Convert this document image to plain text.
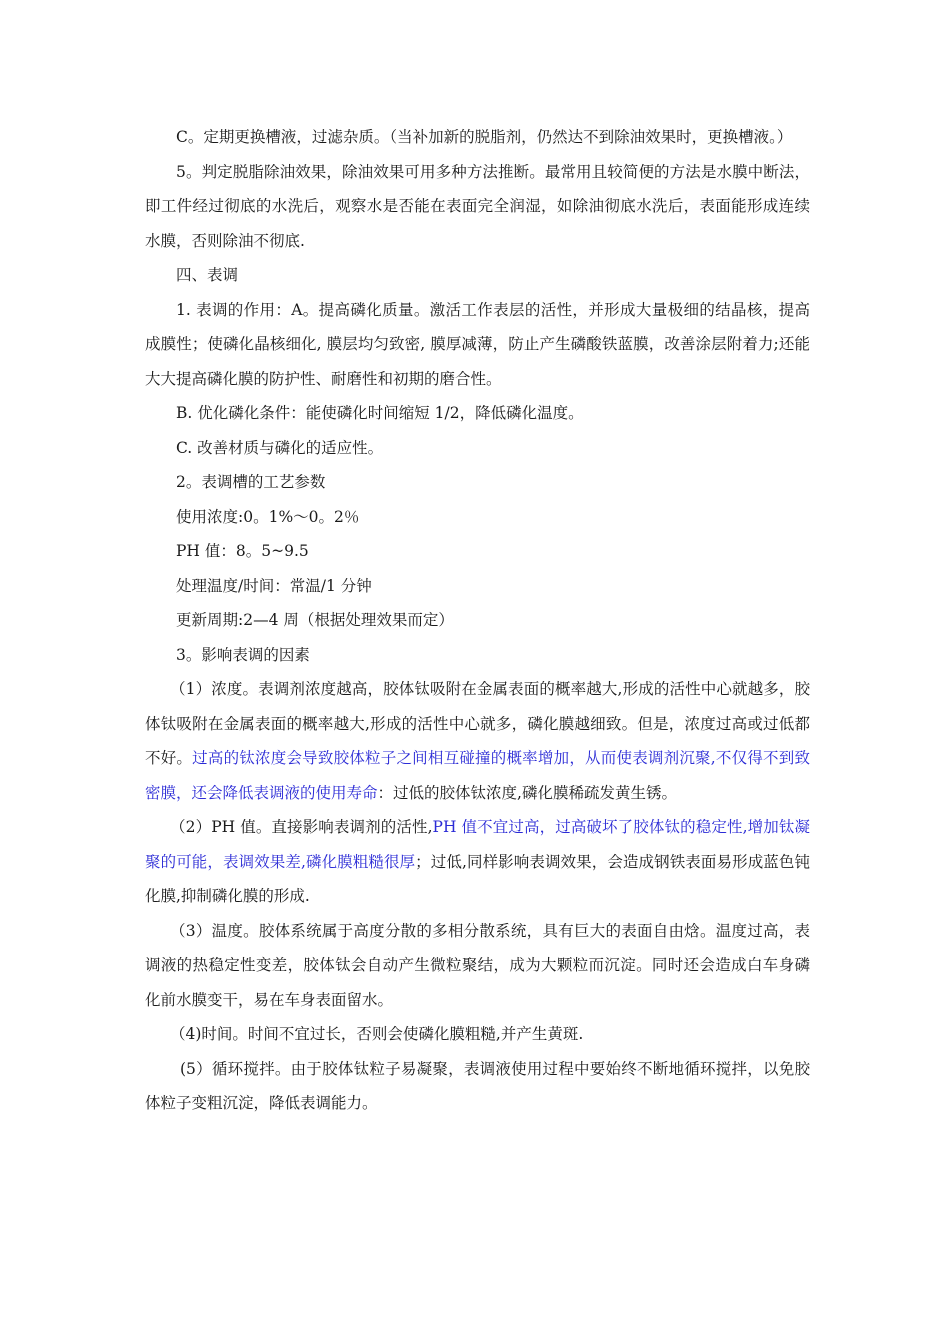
C。定期更换槽液，过滤杂质。（当补加新的脱脂剂，仍然达不到除油效果时，更换槽液。）

5。判定脱脂除油效果，除油效果可用多种方法推断。最常用且较简便的方法是水膜中断法，即工件经过彻底的水洗后，观察水是否能在表面完全润湿，如除油彻底水洗后，表面能形成连续水膜，否则除油不彻底.

四、表调

1. 表调的作用：A。提高磷化质量。激活工作表层的活性，并形成大量极细的结晶核，提高成膜性；使磷化晶核细化, 膜层均匀致密, 膜厚减薄，防止产生磷酸铁蓝膜，改善涂层附着力;还能大大提高磷化膜的防护性、耐磨性和初期的磨合性。

B. 优化磷化条件：能使磷化时间缩短 1/2，降低磷化温度。

C. 改善材质与磷化的适应性。

2。表调槽的工艺参数

使用浓度:0。1%～0。2％

PH 值：8。5~9.5

处理温度/时间：常温/1 分钟

更新周期:2—4 周（根据处理效果而定）

3。影响表调的因素

（1）浓度。表调剂浓度越高，胶体钛吸附在金属表面的概率越大,形成的活性中心就越多，胶体钛吸附在金属表面的概率越大,形成的活性中心就多，磷化膜越细致。但是，浓度过高或过低都不好。过高的钛浓度会导致胶体粒子之间相互碰撞的概率增加，从而使表调剂沉聚,不仅得不到致密膜，还会降低表调液的使用寿命：过低的胶体钛浓度,磷化膜稀疏发黄生锈。

（2）PH 值。直接影响表调剂的活性,PH 值不宜过高，过高破坏了胶体钛的稳定性,增加钛凝聚的可能，表调效果差,磷化膜粗糙很厚；过低,同样影响表调效果，会造成钢铁表面易形成蓝色钝化膜,抑制磷化膜的形成.

（3）温度。胶体系统属于高度分散的多相分散系统，具有巨大的表面自由焓。温度过高，表调液的热稳定性变差，胶体钛会自动产生微粒聚结，成为大颗粒而沉淀。同时还会造成白车身磷化前水膜变干，易在车身表面留水。

（4)时间。时间不宜过长，否则会使磷化膜粗糙,并产生黄斑.

(5）循环搅拌。由于胶体钛粒子易凝聚，表调液使用过程中要始终不断地循环搅拌，以免胶体粒子变粗沉淀，降低表调能力。
